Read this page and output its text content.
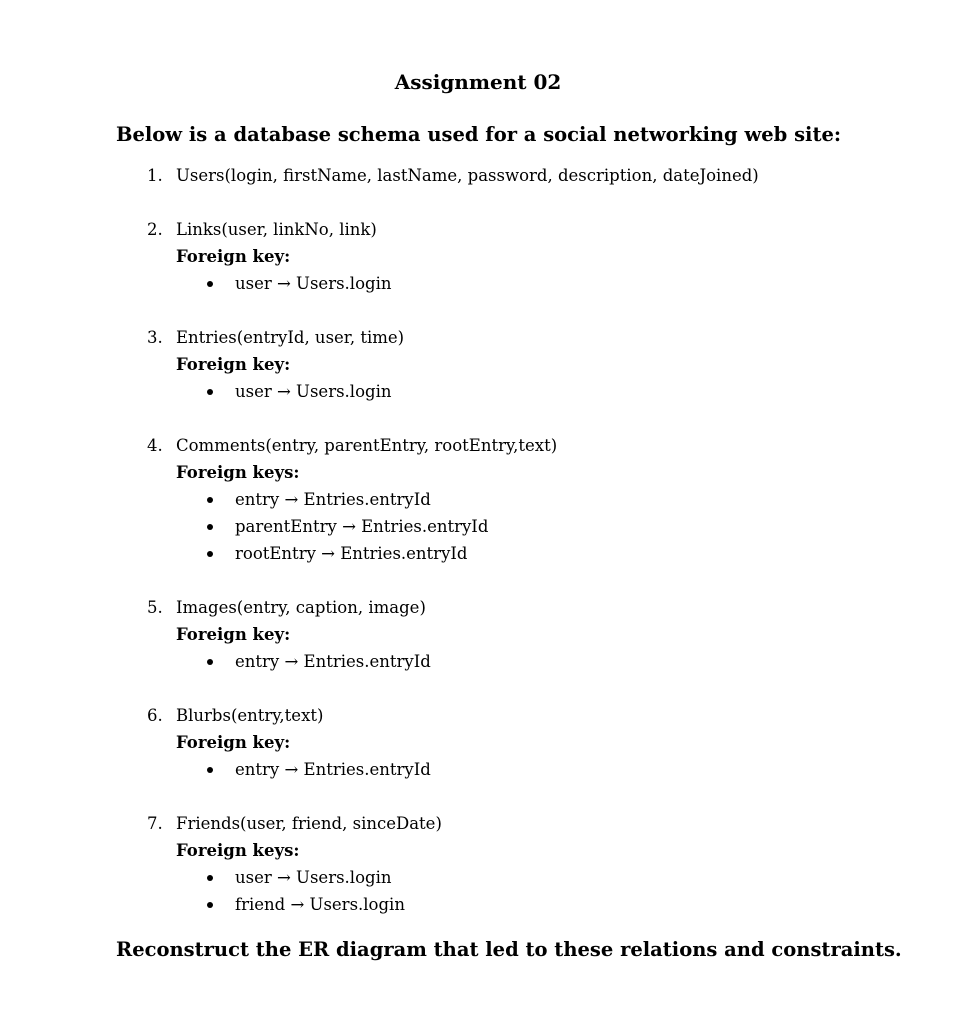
Assignment 02
Below is a database schema used for a social networking web site:
1. Users(login, firstName, lastName, password, description, dateJoined)
2. Links(user, linkNo, link)
Foreign key:
user → Users.login
3. Entries(entryId, user, time)
Foreign key:
user → Users.login
4. Comments(entry, parentEntry, rootEntry,text)
Foreign keys:
entry → Entries.entryId
parentEntry → Entries.entryId
rootEntry → Entries.entryId
5. Images(entry, caption, image)
Foreign key:
entry → Entries.entryId
6. Blurbs(entry,text)
Foreign key:
entry → Entries.entryId
7. Friends(user, friend, sinceDate)
Foreign keys:
user → Users.login
friend → Users.login
Reconstruct the ER diagram that led to these relations and constraints.
